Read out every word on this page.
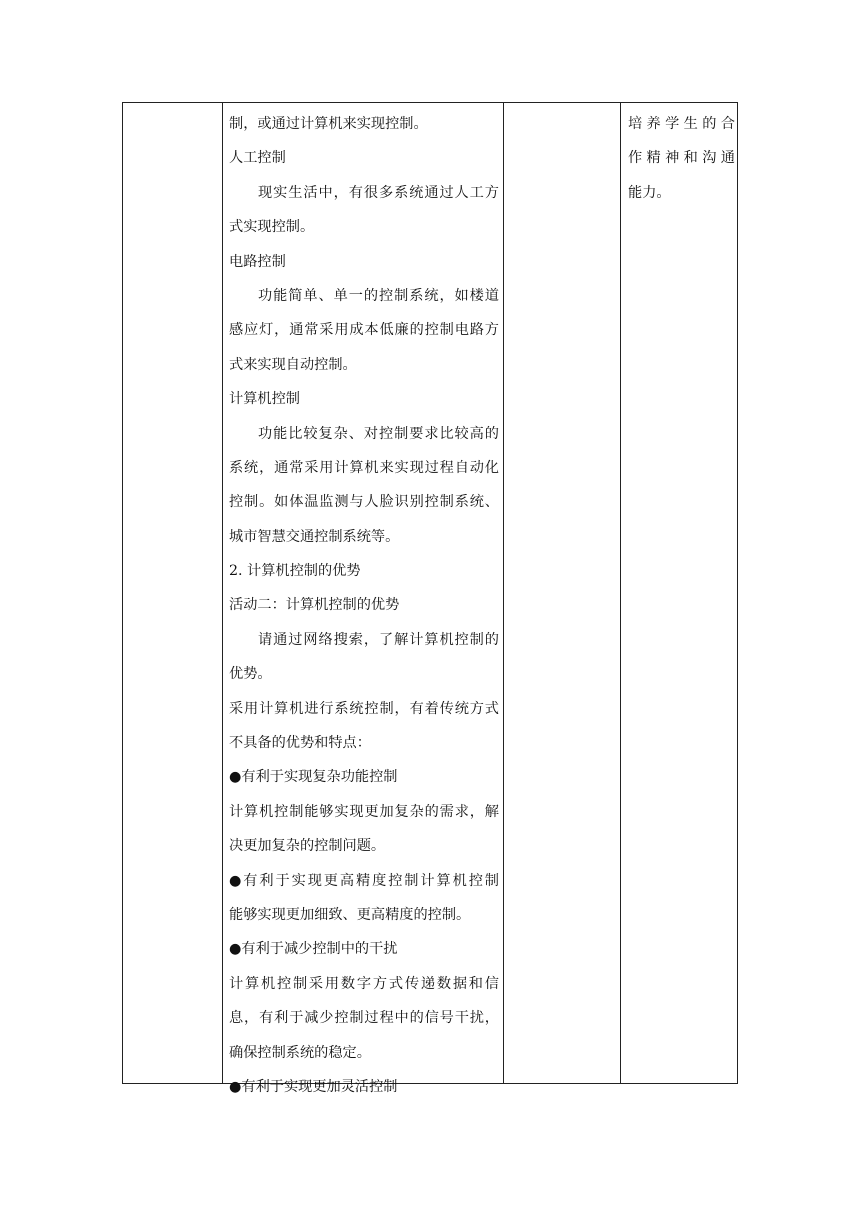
制，或通过计算机来实现控制。
人工控制
现实生活中，有很多系统通过人工方
式实现控制。
电路控制
功能简单、单一的控制系统，如楼道
感应灯，通常采用成本低廉的控制电路方
式来实现自动控制。
计算机控制
功能比较复杂、对控制要求比较高的
系统，通常采用计算机来实现过程自动化
控制。如体温监测与人脸识别控制系统、
城市智慧交通控制系统等。
2. 计算机控制的优势
活动二：计算机控制的优势
请通过网络搜索，了解计算机控制的
优势。
采用计算机进行系统控制，有着传统方式
不具备的优势和特点：
●有利于实现复杂功能控制
计算机控制能够实现更加复杂的需求，解
决更加复杂的控制问题。
●有利于实现更高精度控制计算机控制
能够实现更加细致、更高精度的控制。
●有利于减少控制中的干扰
计算机控制采用数字方式传递数据和信
息，有利于减少控制过程中的信号干扰，
确保控制系统的稳定。
●有利于实现更加灵活控制
培养学生的合
作精神和沟通
能力。
